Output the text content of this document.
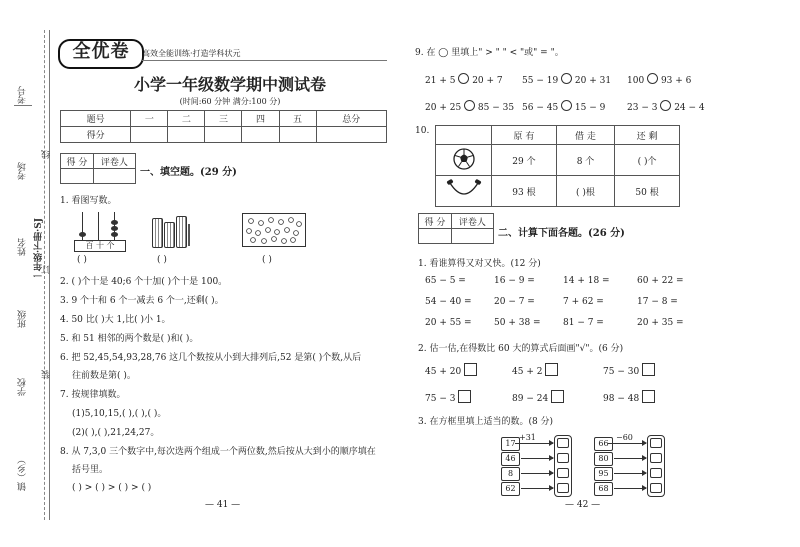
考号
考场
姓名 一年级·下册·SJ
班级
学校
镇（乡）
线
订
装
全优卷	高效全能训练·打造学科状元
小学一年级数学期中测试卷
(时间:60 分钟 满分:100 分)
题号	一	二	三	四	五	总分
得分						
得 分	评卷人

一、填空题。(29 分)
1. 看图写数。
百 十 个
( )	( )	( )
2. ( )个十是 40;6 个十加( )个十是 100。
3. 9 个十和 6 个一减去 6 个一,还剩( )。
4. 50 比( )大 1,比( )小 1。
5. 和 51 相邻的两个数是( )和( )。
6. 把 52,45,54,93,28,76 这几个数按从小到大排列后,52 是第( )个数,从后
往前数是第( )。
7. 按规律填数。
(1)5,10,15,( ),( ),( )。
(2)( ),( ),21,24,27。
8. 从 7,3,0 三个数字中,每次选两个组成一个两位数,然后按从大到小的顺序填在
括号里。
( ) > ( ) > ( ) > ( )
— 41 —
9. 在 ◯ 里填上" > " " < "或" = "。
21 + 5 20 + 7 55 − 19 20 + 31 100 93 + 6
20 + 25 85 − 35 56 − 45 15 − 9 23 − 3 24 − 4
10.
	原 有	借 走	还 剩
	29 个	8 个	( )个
	93 根	( )根	50 根
得 分	评卷人

二、计算下面各题。(26 分)
1. 看谁算得又对又快。(12 分)
65 − 5 =	16 − 9 =	14 + 18 =	60 + 22 =
54 − 40 = 20 − 7 =	7 + 62 =	17 − 8 =
20 + 55 = 50 + 38 = 81 − 7 =	20 + 35 =
2. 估一估,在得数比 60 大的算式后面画"√"。(6 分)
45 + 20	45 + 2	75 − 30
75 − 3	89 − 24	98 − 48
3. 在方框里填上适当的数。(8 分)
+31
17
46
8
62
−60
66
80
95
68
— 42 —
